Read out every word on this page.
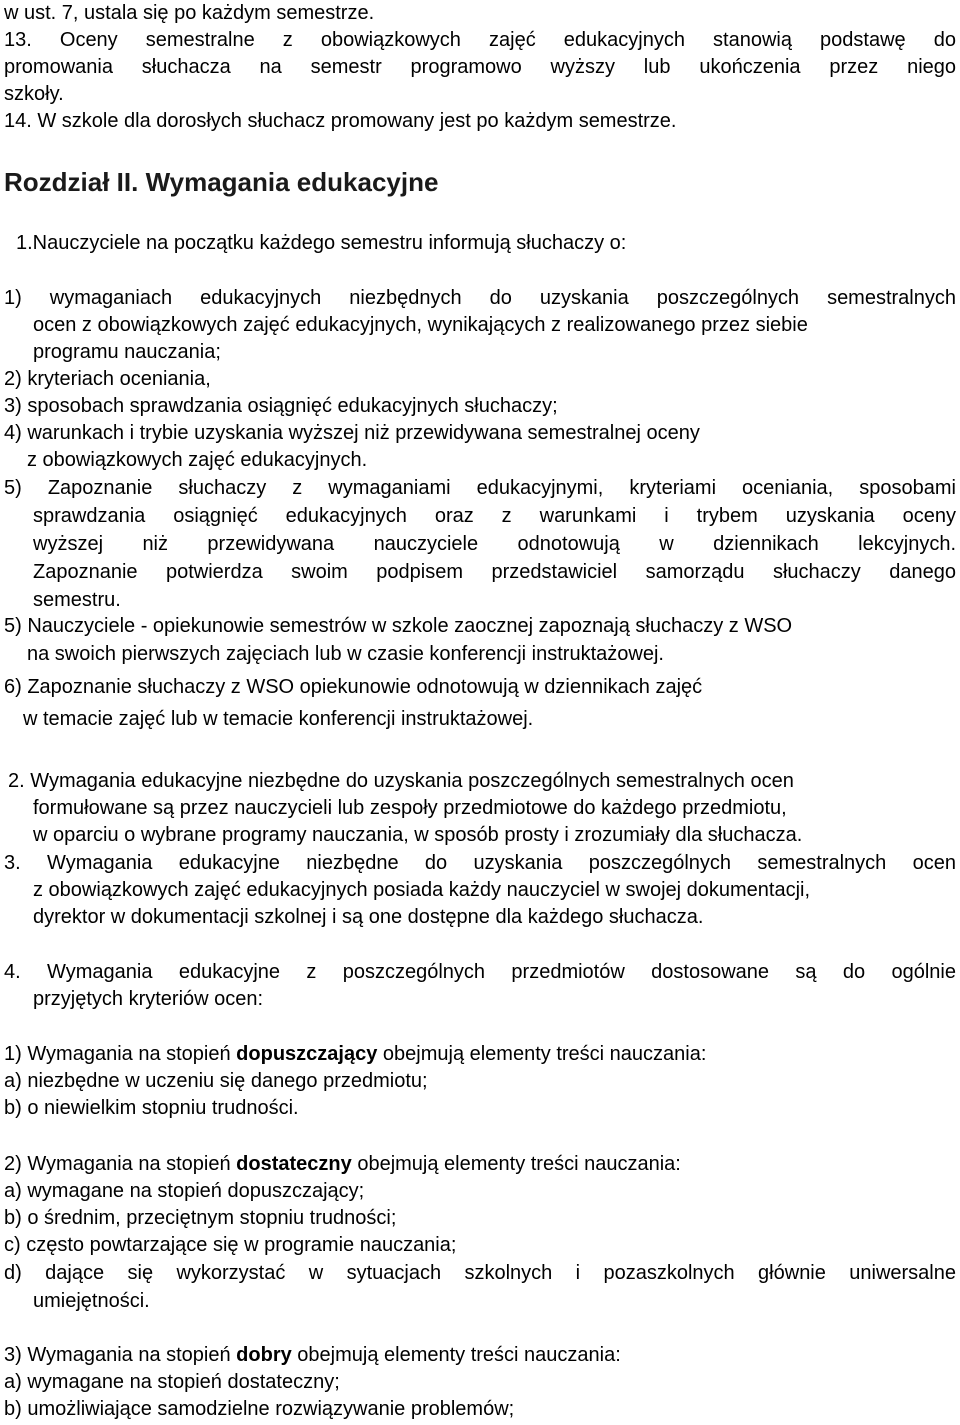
w ust. 7, ustala się po każdym semestrze.
13. Oceny semestralne z obowiązkowych zajęć edukacyjnych stanowią podstawę do
promowania słuchacza na semestr programowo wyższy lub ukończenia przez niego
szkoły.
14. W szkole dla dorosłych słuchacz promowany jest po każdym semestrze.
Rozdział II. Wymagania edukacyjne
1.Nauczyciele na początku każdego semestru informują słuchaczy o:
1) wymaganiach edukacyjnych niezbędnych do uzyskania poszczególnych semestralnych
ocen z obowiązkowych zajęć edukacyjnych, wynikających z realizowanego przez siebie
programu nauczania;
2) kryteriach oceniania,
3) sposobach sprawdzania osiągnięć edukacyjnych słuchaczy;
4) warunkach i trybie uzyskania wyższej niż przewidywana semestralnej oceny
z obowiązkowych zajęć edukacyjnych.
5) Zapoznanie słuchaczy z wymaganiami edukacyjnymi, kryteriami oceniania, sposobami
sprawdzania osiągnięć edukacyjnych oraz z warunkami i trybem uzyskania oceny
wyższej niż przewidywana nauczyciele odnotowują w dziennikach lekcyjnych.
Zapoznanie potwierdza swoim podpisem przedstawiciel samorządu słuchaczy danego
semestru.
5) Nauczyciele - opiekunowie semestrów w szkole zaocznej zapoznają słuchaczy z WSO
na swoich pierwszych zajęciach lub w czasie konferencji instruktażowej.
6) Zapoznanie słuchaczy z WSO opiekunowie odnotowują w dziennikach zajęć
w temacie zajęć lub w temacie konferencji instruktażowej.
2. Wymagania edukacyjne niezbędne do uzyskania poszczególnych semestralnych ocen
formułowane są przez nauczycieli lub zespoły przedmiotowe do każdego przedmiotu,
w oparciu o wybrane programy nauczania, w sposób prosty i zrozumiały dla słuchacza.
3. Wymagania edukacyjne niezbędne do uzyskania poszczególnych semestralnych ocen
z obowiązkowych zajęć edukacyjnych posiada każdy nauczyciel w swojej dokumentacji,
dyrektor w dokumentacji szkolnej i są one dostępne dla każdego słuchacza.
4. Wymagania edukacyjne z poszczególnych przedmiotów dostosowane są do ogólnie
przyjętych kryteriów ocen:
1) Wymagania na stopień dopuszczający obejmują elementy treści nauczania:
a) niezbędne w uczeniu się danego przedmiotu;
b) o niewielkim stopniu trudności.
2) Wymagania na stopień dostateczny obejmują elementy treści nauczania:
a) wymagane na stopień dopuszczający;
b) o średnim, przeciętnym stopniu trudności;
c) często powtarzające się w programie nauczania;
d) dające się wykorzystać w sytuacjach szkolnych i pozaszkolnych głównie uniwersalne
umiejętności.
3) Wymagania na stopień dobry obejmują elementy treści nauczania:
a) wymagane na stopień dostateczny;
b) umożliwiające samodzielne rozwiązywanie problemów;
